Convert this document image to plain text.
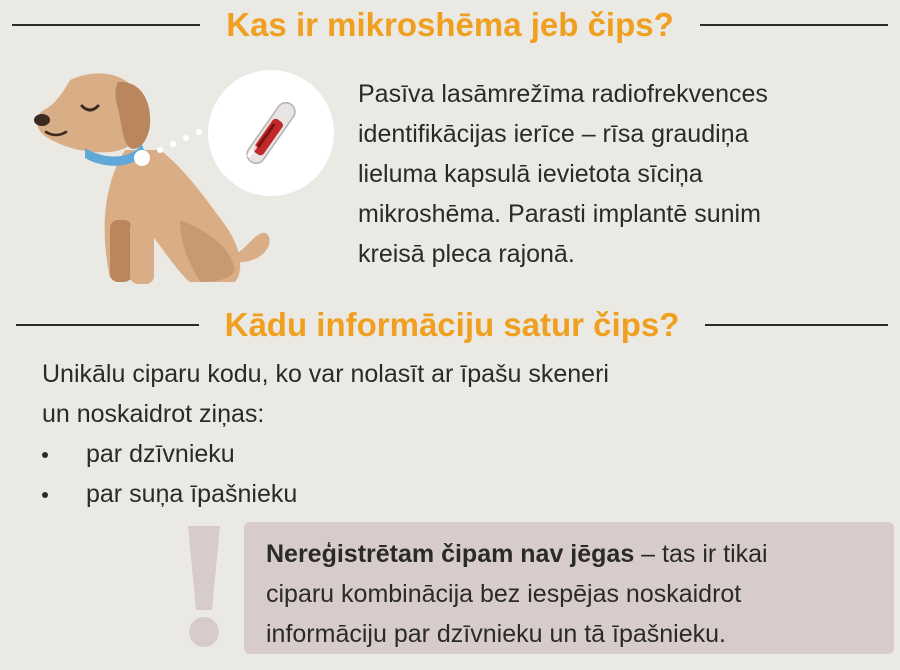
Kas ir mikroshēma jeb čips?

Pasīva lasāmrežīma radiofrekvences
identifikācijas ierīce – rīsa graudiņa
lieluma kapsulā ievietota sīciņa
mikroshēma. Parasti implantē sunim
kreisā pleca rajonā.

Kādu informāciju satur čips?

Unikālu ciparu kodu, ko var nolasīt ar īpašu skeneri
un noskaidrot ziņas:

par dzīvnieku
par suņa īpašnieku
Nereģistrētam čipam nav jēgas – tas ir tikai
ciparu kombinācija bez iespējas noskaidrot
informāciju par dzīvnieku un tā īpašnieku.
